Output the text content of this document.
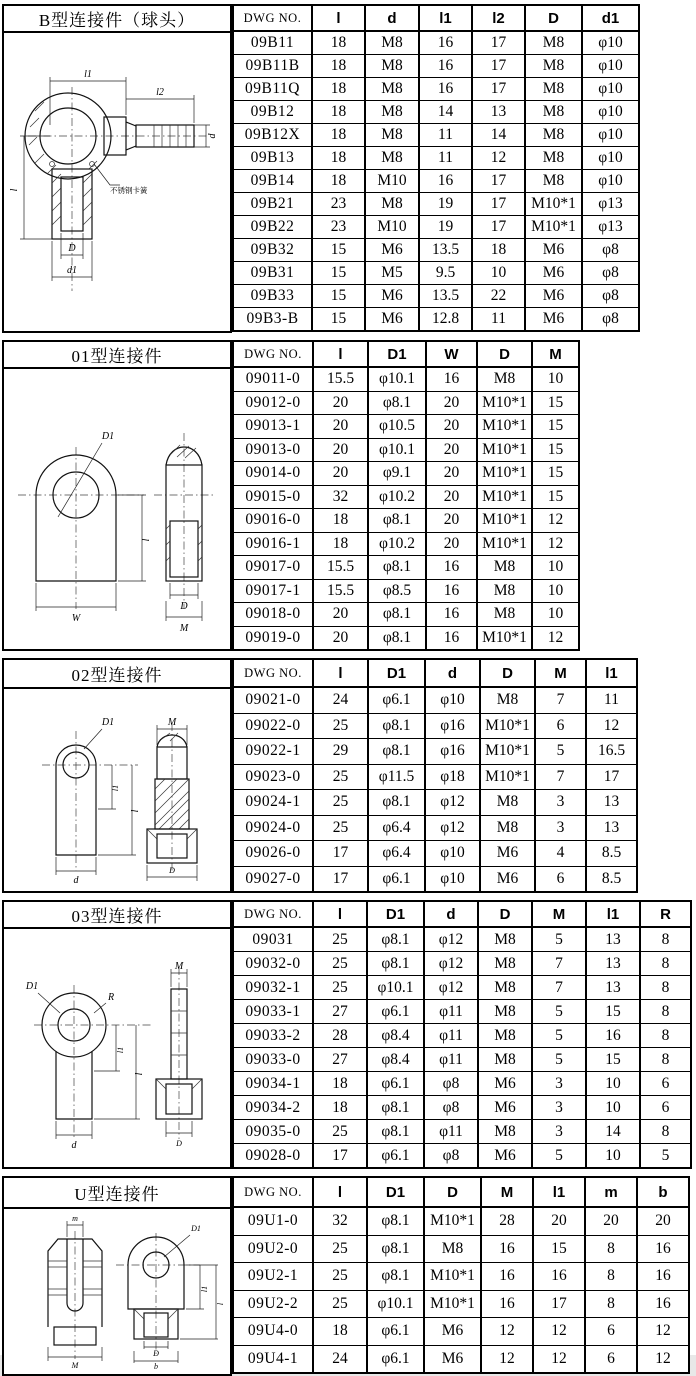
B型连接件（球头）
l1
l2
d
l
D
d1
不锈钢卡簧
DWG NO.	l	d	l1	l2	D	d1
09B11	18	M8	16	17	M8	φ10
09B11B	18	M8	16	17	M8	φ10
09B11Q	18	M8	16	17	M8	φ10
09B12	18	M8	14	13	M8	φ10
09B12X	18	M8	11	14	M8	φ10
09B13	18	M8	11	12	M8	φ10
09B14	18	M10	16	17	M8	φ10
09B21	23	M8	19	17	M10*1	φ13
09B22	23	M10	19	17	M10*1	φ13
09B32	15	M6	13.5	18	M6	φ8
09B31	15	M5	9.5	10	M6	φ8
09B33	15	M6	13.5	22	M6	φ8
09B3-B	15	M6	12.8	11	M6	φ8
01型连接件
D1
l
W
D
M
DWG NO.	l	D1	W	D	M
09011-0	15.5	φ10.1	16	M8	10
09012-0	20	φ8.1	20	M10*1	15
09013-1	20	φ10.5	20	M10*1	15
09013-0	20	φ10.1	20	M10*1	15
09014-0	20	φ9.1	20	M10*1	15
09015-0	32	φ10.2	20	M10*1	15
09016-0	18	φ8.1	20	M10*1	12
09016-1	18	φ10.2	20	M10*1	12
09017-0	15.5	φ8.1	16	M8	10
09017-1	15.5	φ8.5	16	M8	10
09018-0	20	φ8.1	16	M8	10
09019-0	20	φ8.1	16	M10*1	12
02型连接件
D1
l1
l
d
M
D
DWG NO.	l	D1	d	D	M	l1
09021-0	24	φ6.1	φ10	M8	7	11
09022-0	25	φ8.1	φ16	M10*1	6	12
09022-1	29	φ8.1	φ16	M10*1	5	16.5
09023-0	25	φ11.5	φ18	M10*1	7	17
09024-1	25	φ8.1	φ12	M8	3	13
09024-0	25	φ6.4	φ12	M8	3	13
09026-0	17	φ6.4	φ10	M6	4	8.5
09027-0	17	φ6.1	φ10	M6	6	8.5
03型连接件
D1
R
l1
l
d
M
D
DWG NO.	l	D1	d	D	M	l1	R
09031	25	φ8.1	φ12	M8	5	13	8
09032-0	25	φ8.1	φ12	M8	7	13	8
09032-1	25	φ10.1	φ12	M8	7	13	8
09033-1	27	φ6.1	φ11	M8	5	15	8
09033-2	28	φ8.4	φ11	M8	5	16	8
09033-0	27	φ8.4	φ11	M8	5	15	8
09034-1	18	φ6.1	φ8	M6	3	10	6
09034-2	18	φ8.1	φ8	M6	3	10	6
09035-0	25	φ8.1	φ11	M8	3	14	8
09028-0	17	φ6.1	φ8	M6	5	10	5
U型连接件
m
M
D1
l1
l
D
b
DWG NO.	l	D1	D	M	l1	m	b
09U1-0	32	φ8.1	M10*1	28	20	20	20
09U2-0	25	φ8.1	M8	16	15	8	16
09U2-1	25	φ8.1	M10*1	16	16	8	16
09U2-2	25	φ10.1	M10*1	16	17	8	16
09U4-0	18	φ6.1	M6	12	12	6	12
09U4-1	24	φ6.1	M6	12	12	6	12
